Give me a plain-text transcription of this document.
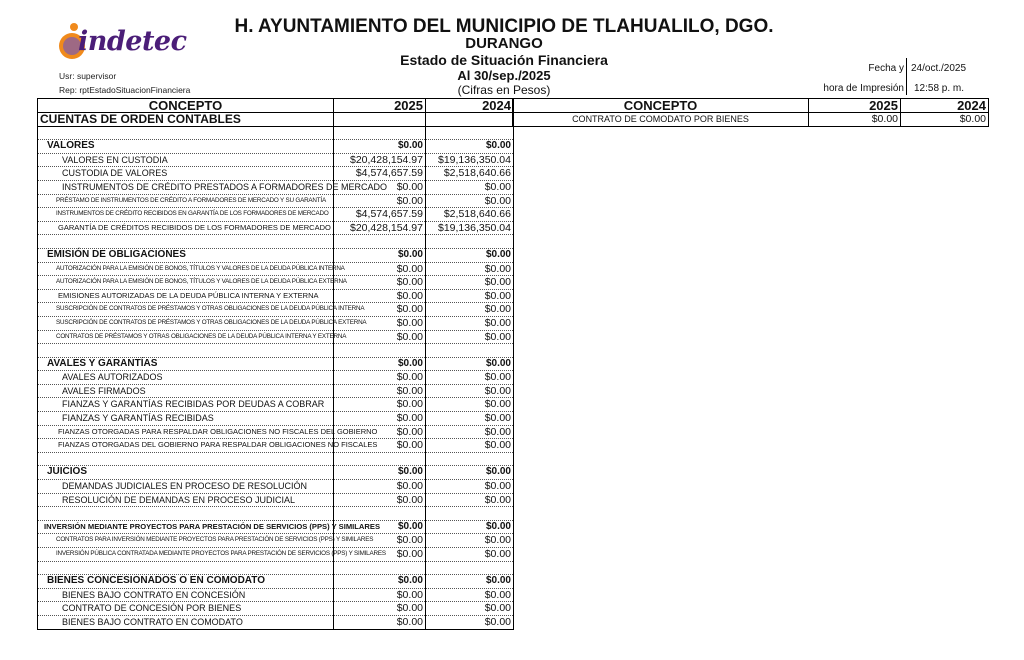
indetec	H. AYUNTAMIENTO DEL MUNICIPIO DE TLAHUALILO, DGO.
DURANGO
Estado de Situación Financiera
Al 30/sep./2025
(Cifras en Pesos)
Usr: supervisor
Rep: rptEstadoSituacionFinanciera
Fecha y
hora de Impresión
24/oct./2025
12:58 p. m.
CONCEPTO	2025	2024
CUENTAS DE ORDEN CONTABLES		

VALORES	$0.00	$0.00
VALORES EN CUSTODIA	$20,428,154.97	$19,136,350.04
CUSTODIA DE VALORES	$4,574,657.59	$2,518,640.66
INSTRUMENTOS DE CRÉDITO PRESTADOS A FORMADORES DE MERCADO	$0.00	$0.00
PRÉSTAMO DE INSTRUMENTOS DE CRÉDITO A FORMADORES DE MERCADO Y SU GARANTÍA	$0.00	$0.00
INSTRUMENTOS DE CRÉDITO RECIBIDOS EN GARANTÍA DE LOS FORMADORES DE MERCADO	$4,574,657.59	$2,518,640.66
GARANTÍA DE CRÉDITOS RECIBIDOS DE LOS FORMADORES DE MERCADO	$20,428,154.97	$19,136,350.04

EMISIÓN DE OBLIGACIONES	$0.00	$0.00
AUTORIZACIÓN PARA LA EMISIÓN DE BONOS, TÍTULOS Y VALORES DE LA DEUDA PÚBLICA INTERNA	$0.00	$0.00
AUTORIZACIÓN PARA LA EMISIÓN DE BONOS, TÍTULOS Y VALORES DE LA DEUDA PÚBLICA EXTERNA	$0.00	$0.00
EMISIONES AUTORIZADAS DE LA DEUDA PÚBLICA INTERNA Y EXTERNA	$0.00	$0.00
SUSCRIPCIÓN DE CONTRATOS DE PRÉSTAMOS Y OTRAS OBLIGACIONES DE LA DEUDA PÚBLICA INTERNA	$0.00	$0.00
SUSCRIPCIÓN DE CONTRATOS DE PRÉSTAMOS Y OTRAS OBLIGACIONES DE LA DEUDA PÚBLICA EXTERNA	$0.00	$0.00
CONTRATOS DE PRÉSTAMOS Y OTRAS OBLIGACIONES DE LA DEUDA PÚBLICA INTERNA Y EXTERNA	$0.00	$0.00

AVALES Y GARANTÍAS	$0.00	$0.00
AVALES AUTORIZADOS	$0.00	$0.00
AVALES FIRMADOS	$0.00	$0.00
FIANZAS Y GARANTÍAS RECIBIDAS POR DEUDAS A COBRAR	$0.00	$0.00
FIANZAS Y GARANTÍAS RECIBIDAS	$0.00	$0.00
FIANZAS OTORGADAS PARA RESPALDAR OBLIGACIONES NO FISCALES DEL GOBIERNO	$0.00	$0.00
FIANZAS OTORGADAS DEL GOBIERNO PARA RESPALDAR OBLIGACIONES NO FISCALES	$0.00	$0.00

JUICIOS	$0.00	$0.00
DEMANDAS JUDICIALES EN PROCESO DE RESOLUCIÓN	$0.00	$0.00
RESOLUCIÓN DE DEMANDAS EN PROCESO JUDICIAL	$0.00	$0.00

INVERSIÓN MEDIANTE PROYECTOS PARA PRESTACIÓN DE SERVICIOS (PPS) Y SIMILARES	$0.00	$0.00
CONTRATOS PARA INVERSIÓN MEDIANTE PROYECTOS PARA PRESTACIÓN DE SERVICIOS (PPS) Y SIMILARES	$0.00	$0.00
INVERSIÓN PÚBLICA CONTRATADA MEDIANTE PROYECTOS PARA PRESTACIÓN DE SERVICIOS (PPS) Y SIMILARES	$0.00	$0.00

BIENES CONCESIONADOS O EN COMODATO	$0.00	$0.00
BIENES BAJO CONTRATO EN CONCESIÓN	$0.00	$0.00
CONTRATO DE CONCESIÓN POR BIENES	$0.00	$0.00
BIENES BAJO CONTRATO EN COMODATO	$0.00	$0.00
CONCEPTO	2025	2024
CONTRATO DE COMODATO POR BIENES	$0.00	$0.00
